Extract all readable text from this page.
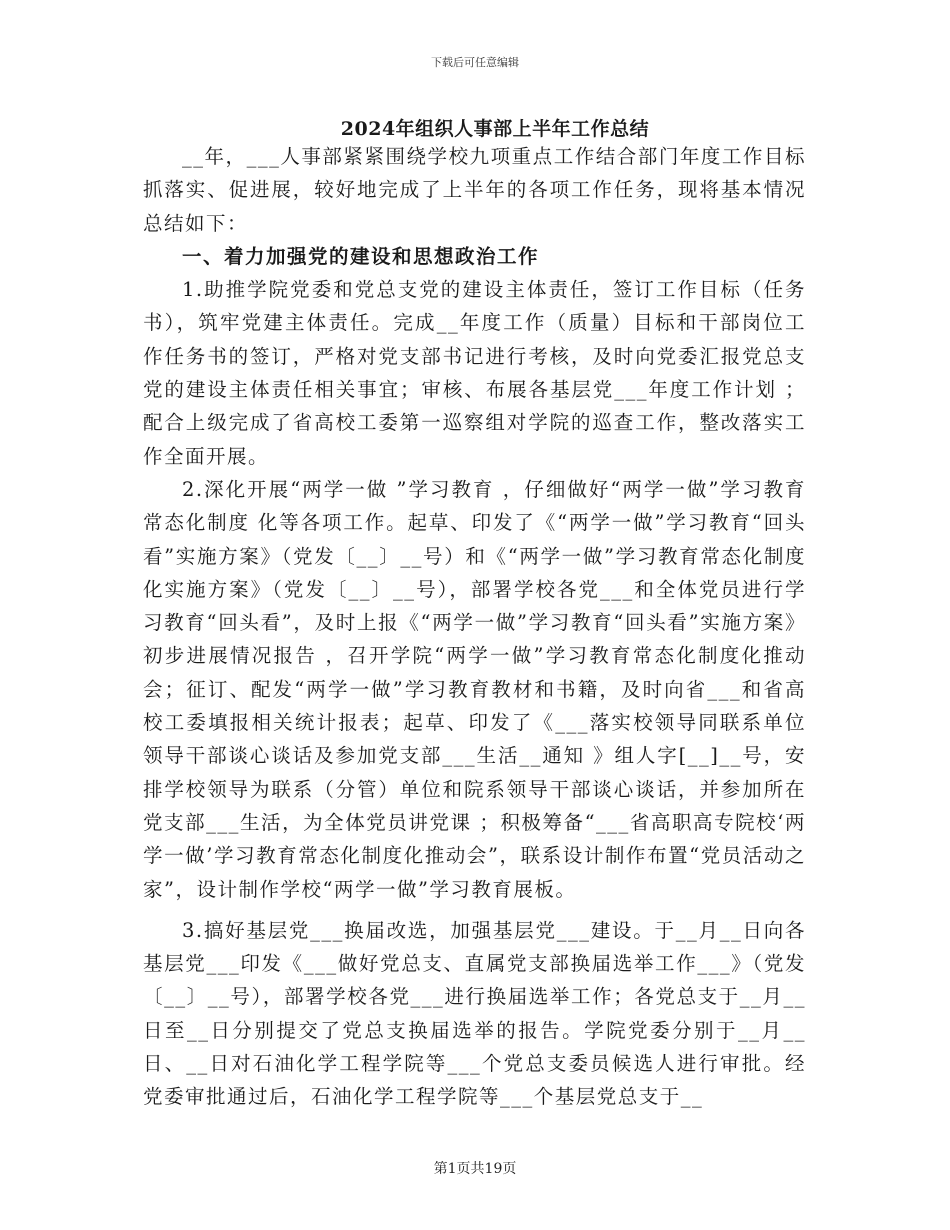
下载后可任意编辑
2024年组织人事部上半年工作总结

__年，___人事部紧紧围绕学校九项重点工作结合部门年度工作目标抓落实、促进展，较好地完成了上半年的各项工作任务，现将基本情况总结如下：

一、着力加强党的建设和思想政治工作

1.助推学院党委和党总支党的建设主体责任，签订工作目标（任务书），筑牢党建主体责任。完成__年度工作（质量）目标和干部岗位工作任务书的签订，严格对党支部书记进行考核，及时向党委汇报党总支党的建设主体责任相关事宜；审核、布展各基层党___年度工作计划 ；配合上级完成了省高校工委第一巡察组对学院的巡查工作，整改落实工作全面开展。

2.深化开展“两学一做 ”学习教育 ，仔细做好“两学一做”学习教育常态化制度 化等各项工作。起草、印发了《“两学一做”学习教育“回头看”实施方案》（党发〔__〕__号）和《“两学一做”学习教育常态化制度化实施方案》（党发〔__〕__号），部署学校各党___和全体党员进行学习教育“回头看”，及时上报《“两学一做”学习教育“回头看”实施方案》初步进展情况报告 ，召开学院“两学一做”学习教育常态化制度化推动会；征订、配发“两学一做”学习教育教材和书籍，及时向省___和省高校工委填报相关统计报表；起草、印发了《___落实校领导同联系单位领导干部谈心谈话及参加党支部___生活__通知 》组人字[__]__号，安排学校领导为联系（分管）单位和院系领导干部谈心谈话，并参加所在党支部___生活，为全体党员讲党课 ；积极筹备“___省高职高专院校‘两学一做’学习教育常态化制度化推动会”，联系设计制作布置“党员活动之家”，设计制作学校“两学一做”学习教育展板。

3.搞好基层党___换届改选，加强基层党___建设。于__月__日向各基层党___印发《___做好党总支、直属党支部换届选举工作___》（党发〔__〕__号），部署学校各党___进行换届选举工作；各党总支于__月__日至__日分别提交了党总支换届选举的报告。学院党委分别于__月__日、__日对石油化学工程学院等___个党总支委员候选人进行审批。经党委审批通过后，石油化学工程学院等___个基层党总支于__

第1页共19页
